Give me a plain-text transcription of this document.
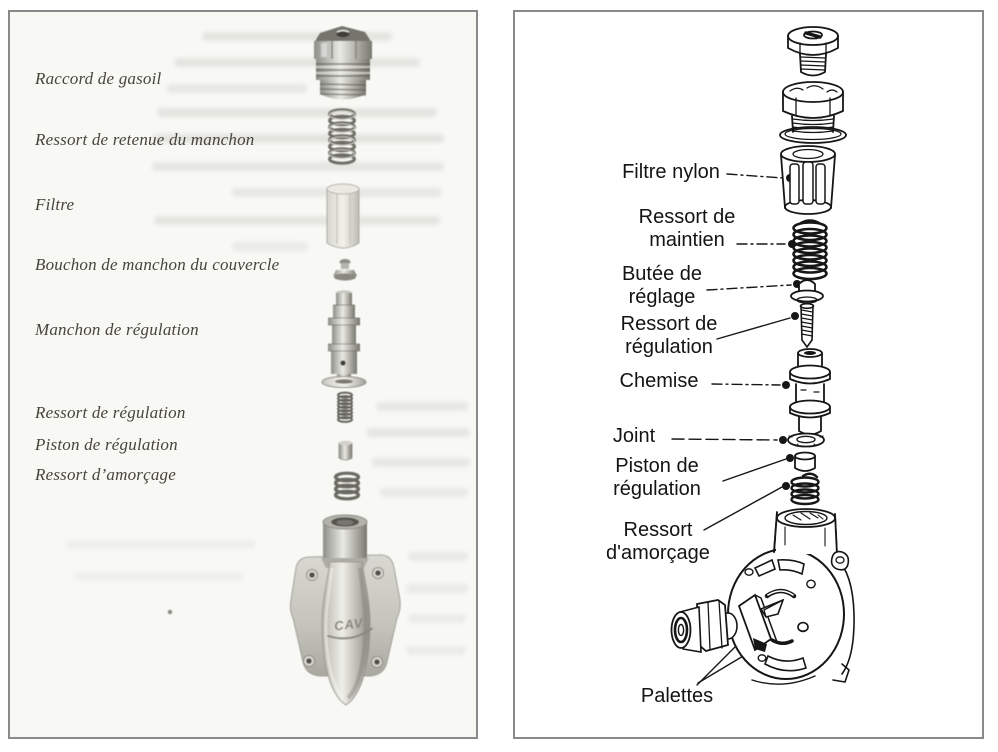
Raccord de gasoil
Ressort de retenue du manchon
Filtre
Bouchon de manchon du couvercle
Manchon de régulation
Ressort de régulation
Piston de régulation
Ressort d’amorçage
CAV
Filtre nylon
Ressort de
maintien
Butée de
réglage
Ressort de
régulation
Chemise
Joint
Piston de
régulation
Ressort
d'amorçage
Palettes
